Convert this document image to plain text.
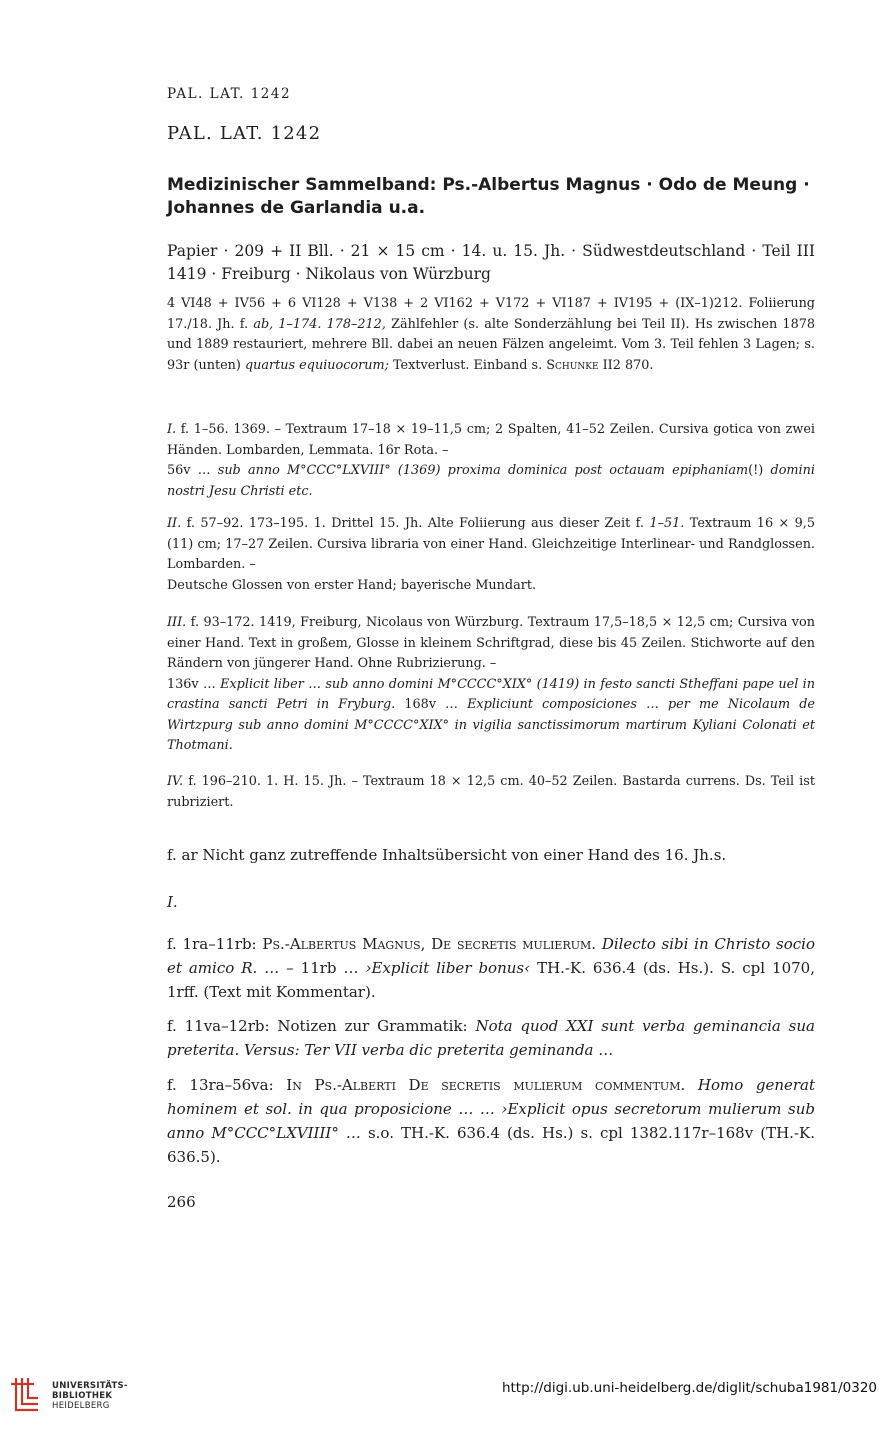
PAL. LAT. 1242
PAL. LAT. 1242
Medizinischer Sammelband: Ps.-Albertus Magnus · Odo de Meung · Johannes de Garlandia u.a.
Papier · 209 + II Bll. · 21 × 15 cm · 14. u. 15. Jh. · Südwestdeutschland · Teil III 1419 · Freiburg · Nikolaus von Würzburg
4 VI48 + IV56 + 6 VI128 + V138 + 2 VI162 + V172 + VI187 + IV195 + (IX–1)212. Foliierung 17./18. Jh. f. ab, 1–174. 178–212, Zählfehler (s. alte Sonderzählung bei Teil II). Hs zwischen 1878 und 1889 restauriert, mehrere Bll. dabei an neuen Fälzen angeleimt. Vom 3. Teil fehlen 3 Lagen; s. 93r (unten) quartus equiuocorum; Textverlust. Einband s. Schunke II2 870.
I. f. 1–56. 1369. – Textraum 17–18 × 19–11,5 cm; 2 Spalten, 41–52 Zeilen. Cursiva gotica von zwei Händen. Lombarden, Lemmata. 16r Rota. –
56v … sub anno M°CCC°LXVIII° (1369) proxima dominica post octauam epiphaniam(!) domini nostri Jesu Christi etc.
II. f. 57–92. 173–195. 1. Drittel 15. Jh. Alte Foliierung aus dieser Zeit f. 1–51. Textraum 16 × 9,5 (11) cm; 17–27 Zeilen. Cursiva libraria von einer Hand. Gleichzeitige Interlinear- und Randglossen. Lombarden. –
Deutsche Glossen von erster Hand; bayerische Mundart.
III. f. 93–172. 1419, Freiburg, Nicolaus von Würzburg. Textraum 17,5–18,5 × 12,5 cm; Cursiva von einer Hand. Text in großem, Glosse in kleinem Schriftgrad, diese bis 45 Zeilen. Stichworte auf den Rändern von jüngerer Hand. Ohne Rubrizierung. –
136v … Explicit liber … sub anno domini M°CCCC°XIX° (1419) in festo sancti Stheffani pape uel in crastina sancti Petri in Fryburg. 168v … Expliciunt composiciones … per me Nicolaum de Wirtzpurg sub anno domini M°CCCC°XIX° in vigilia sanctissimorum martirum Kyliani Colonati et Thotmani.
IV. f. 196–210. 1. H. 15. Jh. – Textraum 18 × 12,5 cm. 40–52 Zeilen. Bastarda currens. Ds. Teil ist rubriziert.
f. ar Nicht ganz zutreffende Inhaltsübersicht von einer Hand des 16. Jh.s.
I.
f. 1ra–11rb: Ps.-Albertus Magnus, De secretis mulierum. Dilecto sibi in Christo socio et amico R. … – 11rb … ›Explicit liber bonus‹ TH.-K. 636.4 (ds. Hs.). S. cpl 1070, 1rff. (Text mit Kommentar).
f. 11va–12rb: Notizen zur Grammatik: Nota quod XXI sunt verba geminancia sua preterita. Versus: Ter VII verba dic preterita geminanda …
f. 13ra–56va: In Ps.-Alberti De secretis mulierum commentum. Homo generat hominem et sol. in qua proposicione … … ›Explicit opus secretorum mulierum sub anno M°CCC°LXVIIII° … s.o. TH.-K. 636.4 (ds. Hs.) s. cpl 1382.117r–168v (TH.-K. 636.5).
266
UNIVERSITÄTS-
BIBLIOTHEK
HEIDELBERG
http://digi.ub.uni-heidelberg.de/diglit/schuba1981/0320
